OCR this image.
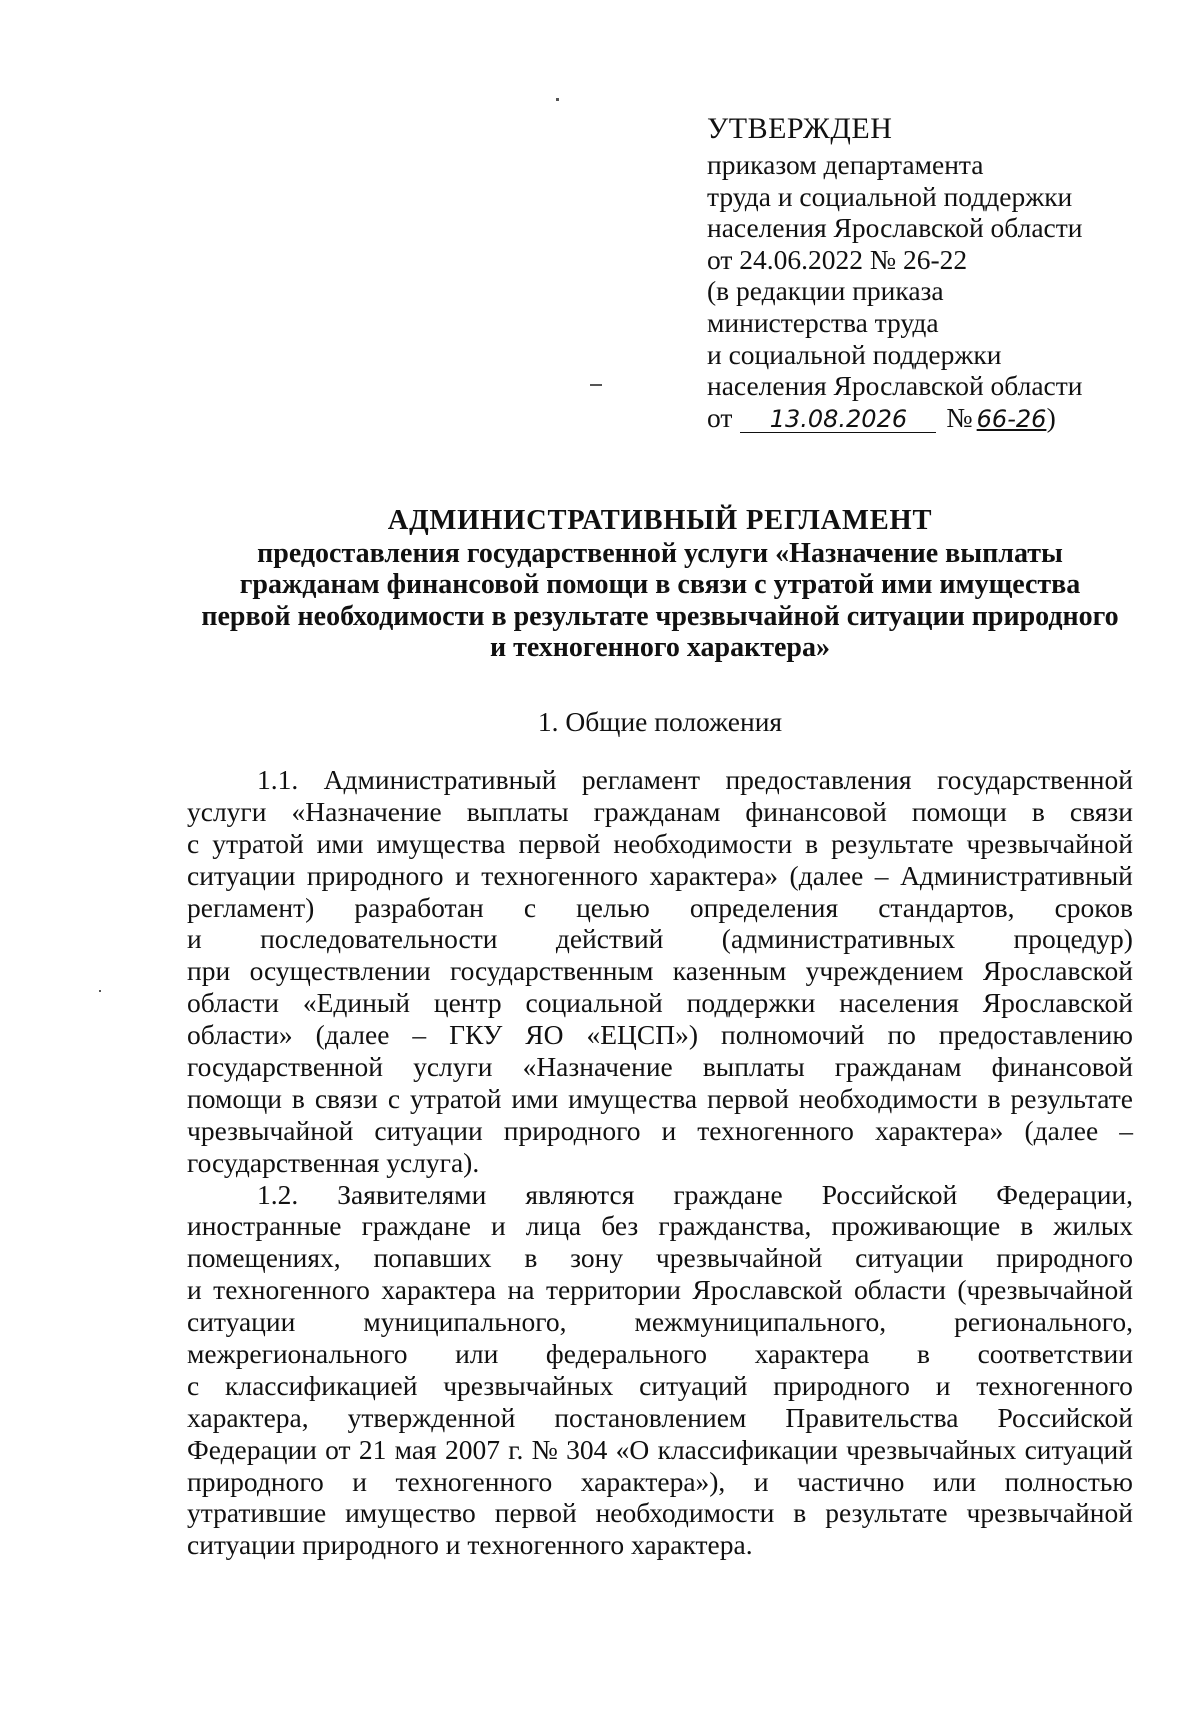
УТВЕРЖДЕН
приказом департамента
труда и социальной поддержки
населения Ярославской области
от 24.06.2022 № 26-22
(в редакции приказа
министерства труда
и социальной поддержки
населения Ярославской области
от 13.08.2026 № 66-26)
АДМИНИСТРАТИВНЫЙ РЕГЛАМЕНТ
предоставления государственной услуги «Назначение выплаты
гражданам финансовой помощи в связи с утратой ими имущества
первой необходимости в результате чрезвычайной ситуации природного
и техногенного характера»
1. Общие положения
1.1. Административный регламент предоставления государственной
услуги «Назначение выплаты гражданам финансовой помощи в связи
с утратой ими имущества первой необходимости в результате чрезвычайной
ситуации природного и техногенного характера» (далее – Административный
регламент) разработан с целью определения стандартов, сроков
и последовательности действий (административных процедур)
при осуществлении государственным казенным учреждением Ярославской
области «Единый центр социальной поддержки населения Ярославской
области» (далее – ГКУ ЯО «ЕЦСП») полномочий по предоставлению
государственной услуги «Назначение выплаты гражданам финансовой
помощи в связи с утратой ими имущества первой необходимости в результате
чрезвычайной ситуации природного и техногенного характера» (далее –
государственная услуга).
1.2. Заявителями являются граждане Российской Федерации,
иностранные граждане и лица без гражданства, проживающие в жилых
помещениях, попавших в зону чрезвычайной ситуации природного
и техногенного характера на территории Ярославской области (чрезвычайной
ситуации муниципального, межмуниципального, регионального,
межрегионального или федерального характера в соответствии
с классификацией чрезвычайных ситуаций природного и техногенного
характера, утвержденной постановлением Правительства Российской
Федерации от 21 мая 2007 г. № 304 «О классификации чрезвычайных ситуаций
природного и техногенного характера»), и частично или полностью
утратившие имущество первой необходимости в результате чрезвычайной
ситуации природного и техногенного характера.
